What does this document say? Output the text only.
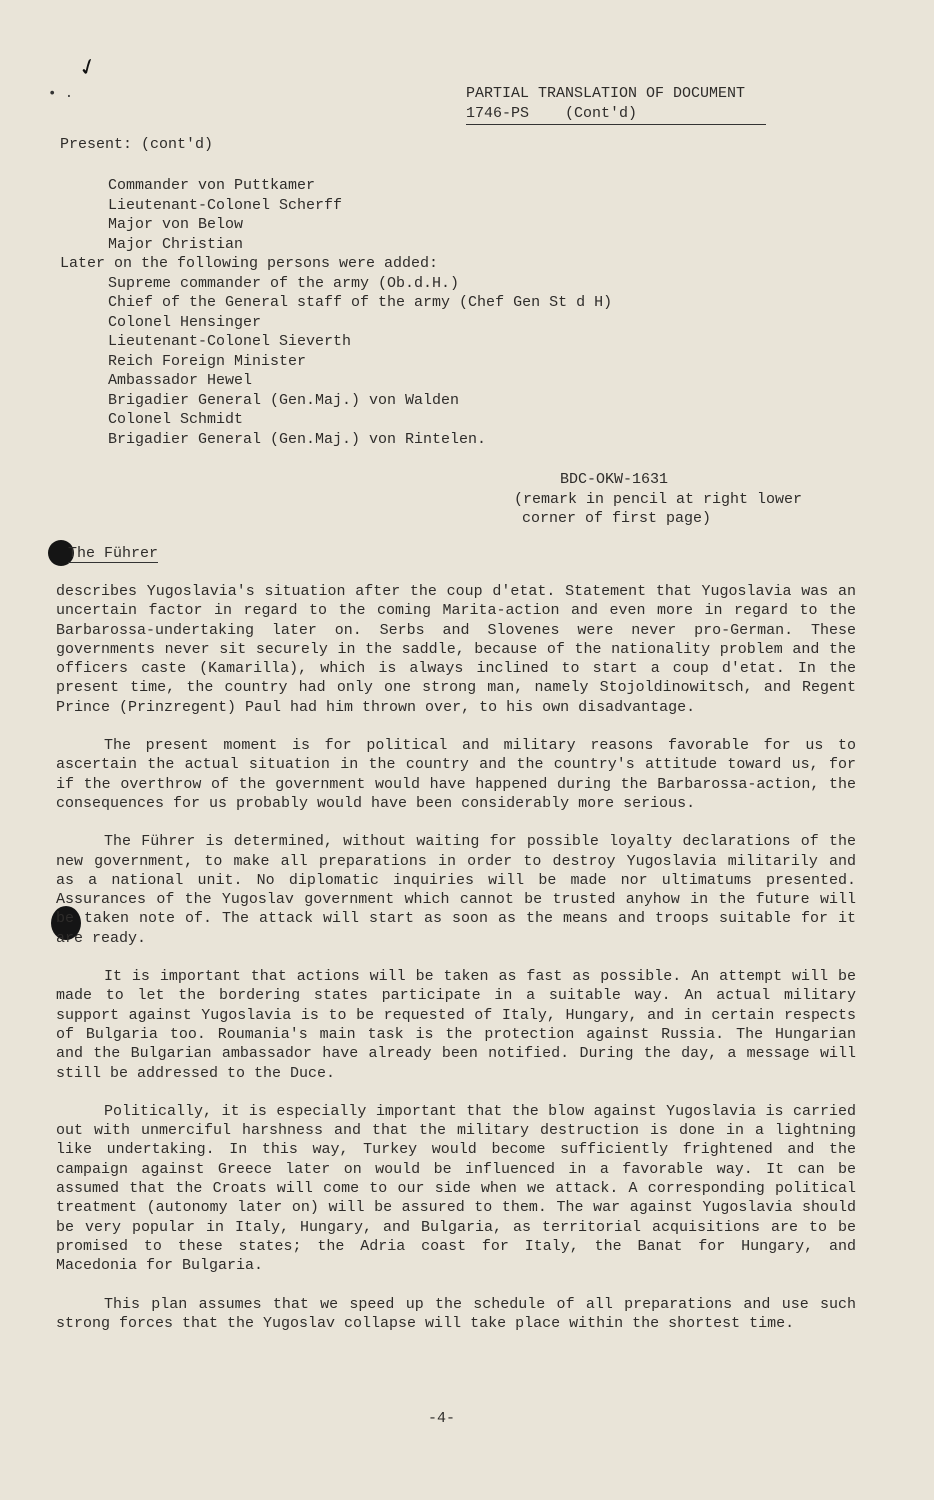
✓
• .	PARTIAL TRANSLATION OF DOCUMENT
1746-PS    (Cont'd)
Present: (cont'd)
Commander von Puttkamer
Lieutenant-Colonel Scherff
Major von Below
Major Christian
Later on the following persons were added:
Supreme commander of the army (Ob.d.H.)
Chief of the General staff of the army (Chef Gen St d H)
Colonel Hensinger
Lieutenant-Colonel Sieverth
Reich Foreign Minister
Ambassador Hewel
Brigadier General (Gen.Maj.) von Walden
Colonel Schmidt
Brigadier General (Gen.Maj.) von Rintelen.
BDC-OKW-1631
(remark in pencil at right lower
corner of first page)
The Führer

describes Yugoslavia's situation after the coup d'etat. Statement that Yugoslavia was an uncertain factor in regard to the coming Marita-action and even more in regard to the Barbarossa-undertaking later on. Serbs and Slovenes were never pro-German. These governments never sit securely in the saddle, because of the nationality problem and the officers caste (Kamarilla), which is always inclined to start a coup d'etat. In the present time, the country had only one strong man, namely Stojoldinowitsch, and Regent Prince (Prinzregent) Paul had him thrown over, to his own disadvantage.

The present moment is for political and military reasons favorable for us to ascertain the actual situation in the country and the country's attitude toward us, for if the overthrow of the government would have happened during the Barbarossa-action, the consequences for us probably would have been considerably more serious.

The Führer is determined, without waiting for possible loyalty declarations of the new government, to make all preparations in order to destroy Yugoslavia militarily and as a national unit. No diplomatic inquiries will be made nor ultimatums presented. Assurances of the Yugoslav government which cannot be trusted anyhow in the future will be taken note of. The attack will start as soon as the means and troops suitable for it are ready.

It is important that actions will be taken as fast as possible. An attempt will be made to let the bordering states participate in a suitable way. An actual military support against Yugoslavia is to be requested of Italy, Hungary, and in certain respects of Bulgaria too. Roumania's main task is the protection against Russia. The Hungarian and the Bulgarian ambassador have already been notified. During the day, a message will still be addressed to the Duce.

Politically, it is especially important that the blow against Yugoslavia is carried out with unmerciful harshness and that the military destruction is done in a lightning like undertaking. In this way, Turkey would become sufficiently frightened and the campaign against Greece later on would be influenced in a favorable way. It can be assumed that the Croats will come to our side when we attack. A corresponding political treatment (autonomy later on) will be assured to them. The war against Yugoslavia should be very popular in Italy, Hungary, and Bulgaria, as territorial acquisitions are to be promised to these states; the Adria coast for Italy, the Banat for Hungary, and Macedonia for Bulgaria.

This plan assumes that we speed up the schedule of all preparations and use such strong forces that the Yugoslav collapse will take place within the shortest time.

-4-
